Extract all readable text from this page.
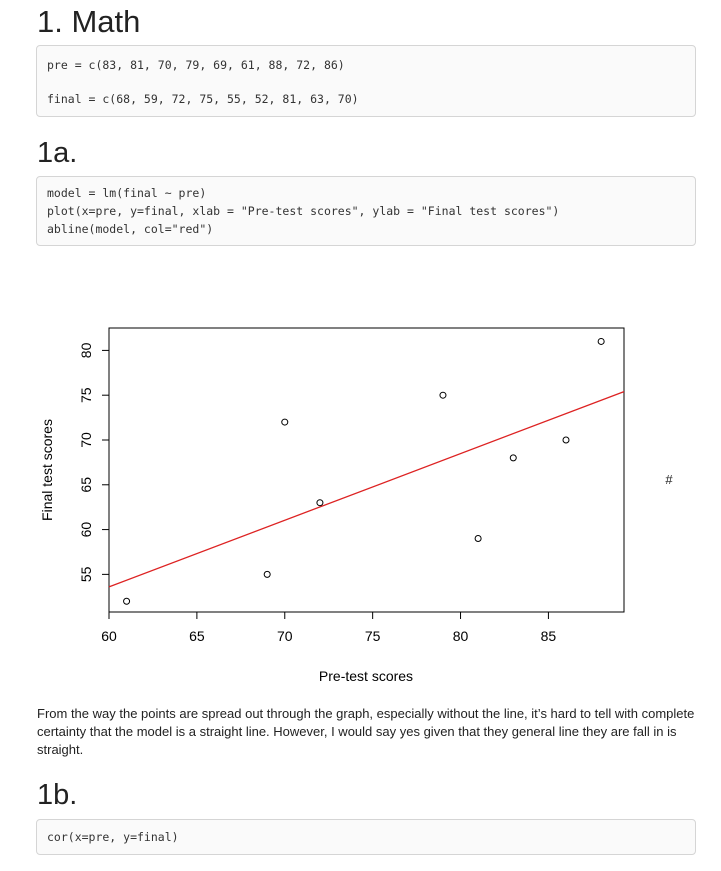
1. Math
pre = c(83, 81, 70, 79, 69, 61, 88, 72, 86)
final = c(68, 59, 72, 75, 55, 52, 81, 63, 70)
1a.
model = lm(final ~ pre)
plot(x=pre, y=final, xlab = "Pre-test scores", ylab = "Final test scores")
abline(model, col="red")
60	65	70	75	80	85
55
60
65
70
75
80
Pre-test scores
Final test scores	#

From the way the points are spread out through the graph, especially without the line, it’s hard to tell with complete certainty that the model is a straight line. However, I would say yes given that they general line they are fall in is straight.

1b.
cor(x=pre, y=final)
